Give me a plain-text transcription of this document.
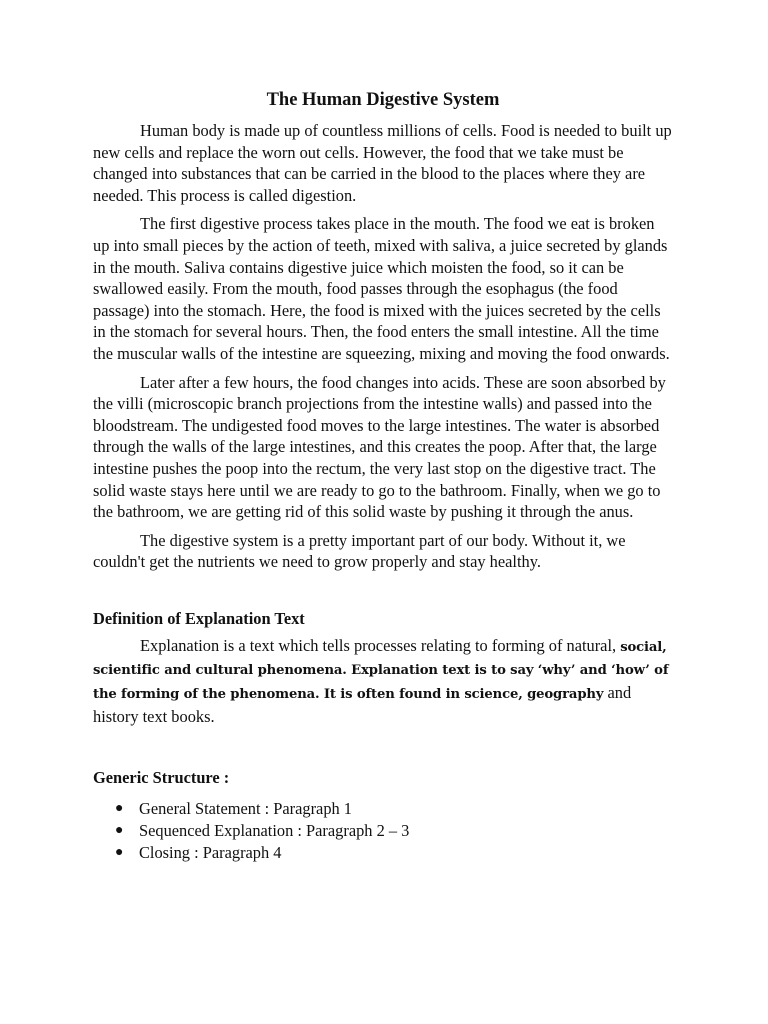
The Human Digestive System

Human body is made up of countless millions of cells. Food is needed to built up new cells and replace the worn out cells. However, the food that we take must be changed into substances that can be carried in the blood to the places where they are needed. This process is called digestion.

The first digestive process takes place in the mouth. The food we eat is broken up into small pieces by the action of teeth, mixed with saliva, a juice secreted by glands in the mouth. Saliva contains digestive juice which moisten the food, so it can be swallowed easily. From the mouth, food passes through the esophagus (the food passage) into the stomach. Here, the food is mixed with the juices secreted by the cells in the stomach for several hours. Then, the food enters the small intestine. All the time the muscular walls of the intestine are squeezing, mixing and moving the food onwards.

Later after a few hours, the food changes into acids. These are soon absorbed by the villi (microscopic branch projections from the intestine walls) and passed into the bloodstream. The undigested food moves to the large intestines. The water is absorbed through the walls of the large intestines, and this creates the poop. After that, the large intestine pushes the poop into the rectum, the very last stop on the digestive tract. The solid waste stays here until we are ready to go to the bathroom. Finally, when we go to the bathroom, we are getting rid of this solid waste by pushing it through the anus.

The digestive system is a pretty important part of our body. Without it, we couldn't get the nutrients we need to grow properly and stay healthy.

Definition of Explanation Text

Explanation is a text which tells processes relating to forming of natural, social, scientific and cultural phenomena. Explanation text is to say ‘why’ and ‘how’ of the forming of the phenomena. It is often found in science, geography and history text books.

Generic Structure :
● General Statement : Paragraph 1
● Sequenced Explanation : Paragraph 2 – 3
● Closing : Paragraph 4
